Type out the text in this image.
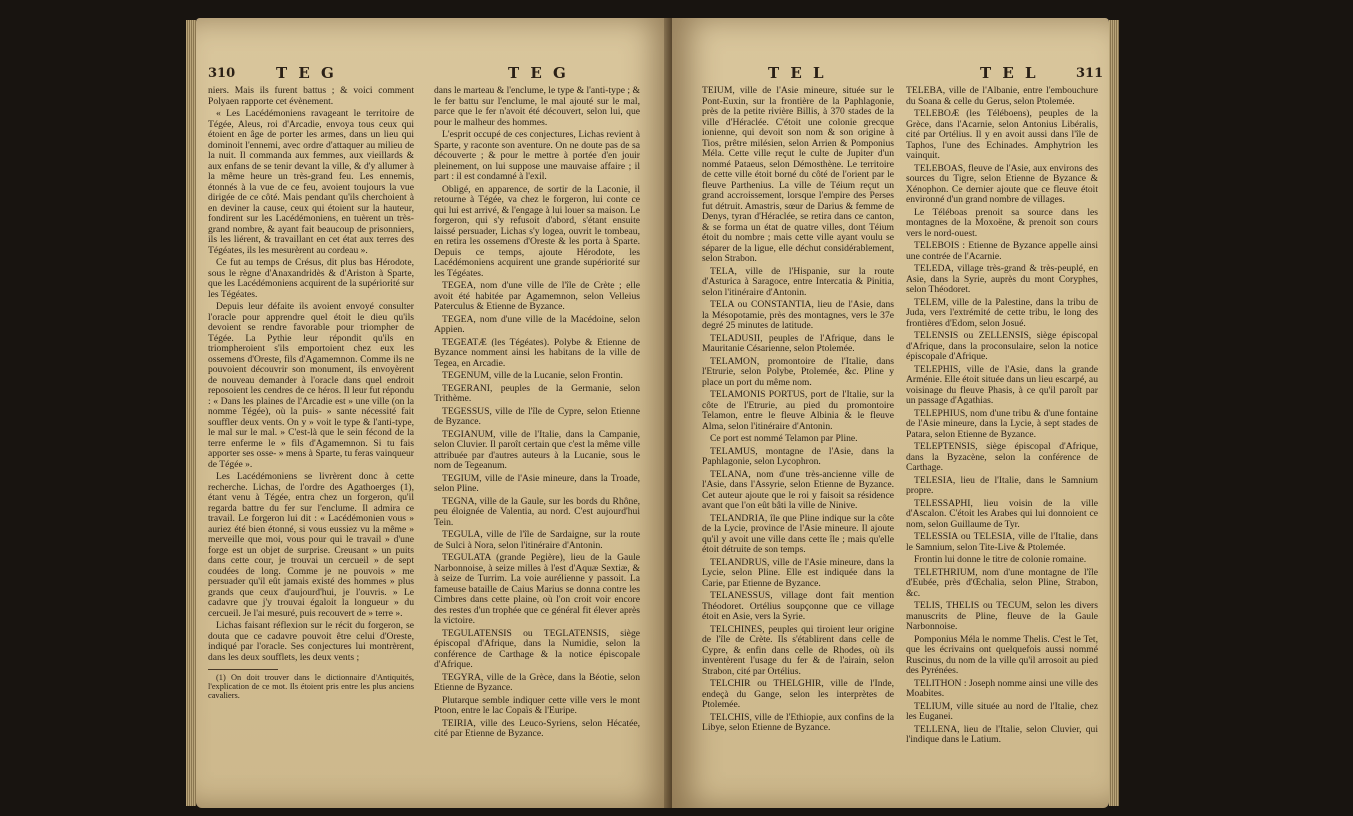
310	T E G	T E G

niers. Mais ils furent battus ; & voici comment Polyaen rapporte cet évènement.

« Les Lacédémoniens ravageant le territoire de Tégée, Aleus, roi d'Arcadie, envoya tous ceux qui étoient en âge de porter les armes, dans un lieu qui dominoit l'ennemi, avec ordre d'attaquer au milieu de la nuit. Il commanda aux femmes, aux vieillards & aux enfans de se tenir devant la ville, & d'y allumer à la même heure un très-grand feu. Les ennemis, étonnés à la vue de ce feu, avoient toujours la vue dirigée de ce côté. Mais pendant qu'ils cherchoient à en deviner la cause, ceux qui étoient sur la hauteur, fondirent sur les Lacédémoniens, en tuèrent un très-grand nombre, & ayant fait beaucoup de prisonniers, ils les liérent, & travaillant en cet état aux terres des Tégéates, ils les mesurèrent au cordeau ».

Ce fut au temps de Crésus, dit plus bas Hérodote, sous le règne d'Anaxandridès & d'Ariston à Sparte, que les Lacédémoniens acquirent de la supériorité sur les Tégéates.

Depuis leur défaite ils avoient envoyé consulter l'oracle pour apprendre quel étoit le dieu qu'ils devoient se rendre favorable pour triompher de Tégée. La Pythie leur répondit qu'ils en triompheroient s'ils emportoient chez eux les ossemens d'Oreste, fils d'Agamemnon. Comme ils ne pouvoient découvrir son monument, ils envoyèrent de nouveau demander à l'oracle dans quel endroit reposoient les cendres de ce héros. Il leur fut répondu : « Dans les plaines de l'Arcadie est » une ville (on la nomme Tégée), où la puis- » sante nécessité fait souffler deux vents. On y » voit le type & l'anti-type, le mal sur le mal. » C'est-là que le sein fécond de la terre enferme le » fils d'Agamemnon. Si tu fais apporter ses osse- » mens à Sparte, tu feras vainqueur de Tégée ».

Les Lacédémoniens se livrèrent donc à cette recherche. Lichas, de l'ordre des Agathoerges (1), étant venu à Tégée, entra chez un forgeron, qu'il regarda battre du fer sur l'enclume. Il admira ce travail. Le forgeron lui dit : « Lacédémonien vous » auriez été bien étonné, si vous eussiez vu la même » merveille que moi, vous pour qui le travail » d'une forge est un objet de surprise. Creusant » un puits dans cette cour, je trouvai un cercueil » de sept coudées de long. Comme je ne pouvois » me persuader qu'il eût jamais existé des hommes » plus grands que ceux d'aujourd'hui, je l'ouvris. » Le cadavre que j'y trouvai égaloit la longueur » du cercueil. Je l'ai mesuré, puis recouvert de » terre ».

Lichas faisant réflexion sur le récit du forgeron, se douta que ce cadavre pouvoit être celui d'Oreste, indiqué par l'oracle. Ses conjectures lui montrèrent, dans les deux soufflets, les deux vents ;

(1) On doit trouver dans le dictionnaire d'Antiquités, l'explication de ce mot. Ils étoient pris entre les plus anciens cavaliers.

dans le marteau & l'enclume, le type & l'anti-type ; & le fer battu sur l'enclume, le mal ajouté sur le mal, parce que le fer n'avoit été découvert, selon lui, que pour le malheur des hommes.

L'esprit occupé de ces conjectures, Lichas revient à Sparte, y raconte son aventure. On ne doute pas de sa découverte ; & pour le mettre à portée d'en jouir pleinement, on lui suppose une mauvaise affaire ; il part : il est condamné à l'exil.

Obligé, en apparence, de sortir de la Laconie, il retourne à Tégée, va chez le forgeron, lui conte ce qui lui est arrivé, & l'engage à lui louer sa maison. Le forgeron, qui s'y refusoit d'abord, s'étant ensuite laissé persuader, Lichas s'y logea, ouvrit le tombeau, en retira les ossemens d'Oreste & les porta à Sparte. Depuis ce temps, ajoute Hérodote, les Lacédémoniens acquirent une grande supériorité sur les Tégéates.

TEGEA, nom d'une ville de l'île de Crète ; elle avoit été habitée par Agamemnon, selon Velleius Paterculus & Etienne de Byzance.

TEGEA, nom d'une ville de la Macédoine, selon Appien.

TEGEATÆ (les Tégéates). Polybe & Etienne de Byzance nomment ainsi les habitans de la ville de Tegea, en Arcadie.

TEGENUM, ville de la Lucanie, selon Frontin.

TEGERANI, peuples de la Germanie, selon Trithème.

TEGESSUS, ville de l'île de Cypre, selon Etienne de Byzance.

TEGIANUM, ville de l'Italie, dans la Campanie, selon Cluvier. Il paroît certain que c'est la même ville attribuée par d'autres auteurs à la Lucanie, sous le nom de Tegeanum.

TEGIUM, ville de l'Asie mineure, dans la Troade, selon Pline.

TEGNA, ville de la Gaule, sur les bords du Rhône, peu éloignée de Valentia, au nord. C'est aujourd'hui Tein.

TEGULA, ville de l'île de Sardaigne, sur la route de Sulci à Nora, selon l'itinéraire d'Antonin.

TEGULATA (grande Pegière), lieu de la Gaule Narbonnoise, à seize milles à l'est d'Aquæ Sextiæ, & à seize de Turrim. La voie aurélienne y passoit. La fameuse bataille de Caius Marius se donna contre les Cimbres dans cette plaine, où l'on croit voir encore des restes d'un trophée que ce général fit élever après la victoire.

TEGULATENSIS ou TEGLATENSIS, siège épiscopal d'Afrique, dans la Numidie, selon la conférence de Carthage & la notice épiscopale d'Afrique.

TEGYRA, ville de la Grèce, dans la Béotie, selon Etienne de Byzance.

Plutarque semble indiquer cette ville vers le mont Ptoon, entre le lac Copaïs & l'Euripe.

TEIRIA, ville des Leuco-Syriens, selon Hécatée, cité par Etienne de Byzance.

T E L	T E L	311

TEIUM, ville de l'Asie mineure, située sur le Pont-Euxin, sur la frontière de la Paphlagonie, près de la petite rivière Billis, à 370 stades de la ville d'Héraclée. C'étoit une colonie grecque ionienne, qui devoit son nom & son origine à Tios, prêtre milésien, selon Arrien & Pomponius Méla. Cette ville reçut le culte de Jupiter d'un nommé Pataeus, selon Démosthène. Le territoire de cette ville étoit borné du côté de l'orient par le fleuve Parthenius. La ville de Téium reçut un grand accroissement, lorsque l'empire des Perses fut détruit. Amastris, sœur de Darius & femme de Denys, tyran d'Héraclée, se retira dans ce canton, & se forma un état de quatre villes, dont Téium étoit du nombre ; mais cette ville ayant voulu se séparer de la ligue, elle déchut considérablement, selon Strabon.

TELA, ville de l'Hispanie, sur la route d'Asturica à Saragoce, entre Intercatia & Pinitia, selon l'itinéraire d'Antonin.

TELA ou CONSTANTIA, lieu de l'Asie, dans la Mésopotamie, près des montagnes, vers le 37e degré 25 minutes de latitude.

TELADUSII, peuples de l'Afrique, dans le Mauritanie Césarienne, selon Ptolemée.

TELAMON, promontoire de l'Italie, dans l'Etrurie, selon Polybe, Ptolemée, &c. Pline y place un port du même nom.

TELAMONIS PORTUS, port de l'Italie, sur la côte de l'Etrurie, au pied du promontoire Telamon, entre le fleuve Albinia & le fleuve Alma, selon l'itinéraire d'Antonin.

Ce port est nommé Telamon par Pline.

TELAMUS, montagne de l'Asie, dans la Paphlagonie, selon Lycophron.

TELANA, nom d'une très-ancienne ville de l'Asie, dans l'Assyrie, selon Etienne de Byzance. Cet auteur ajoute que le roi y faisoit sa résidence avant que l'on eût bâti la ville de Ninive.

TELANDRIA, île que Pline indique sur la côte de la Lycie, province de l'Asie mineure. Il ajoute qu'il y avoit une ville dans cette île ; mais qu'elle étoit détruite de son temps.

TELANDRUS, ville de l'Asie mineure, dans la Lycie, selon Pline. Elle est indiquée dans la Carie, par Etienne de Byzance.

TELANESSUS, village dont fait mention Théodoret. Ortélius soupçonne que ce village étoit en Asie, vers la Syrie.

TELCHINES, peuples qui tiroient leur origine de l'île de Crète. Ils s'établirent dans celle de Cypre, & enfin dans celle de Rhodes, où ils inventèrent l'usage du fer & de l'airain, selon Strabon, cité par Ortélius.

TELCHIR ou THELGHIR, ville de l'Inde, endeçà du Gange, selon les interprètes de Ptolemée.

TELCHIS, ville de l'Ethiopie, aux confins de la Libye, selon Etienne de Byzance.

TELEBA, ville de l'Albanie, entre l'embouchure du Soana & celle du Gerus, selon Ptolemée.

TELEBOÆ (les Téléboens), peuples de la Grèce, dans l'Acarnie, selon Antonius Libéralis, cité par Ortélius. Il y en avoit aussi dans l'île de Taphos, l'une des Echinades. Amphytrion les vainquit.

TELEBOAS, fleuve de l'Asie, aux environs des sources du Tigre, selon Etienne de Byzance & Xénophon. Ce dernier ajoute que ce fleuve étoit environné d'un grand nombre de villages.

Le Téléboas prenoit sa source dans les montagnes de la Moxoëne, & prenoit son cours vers le nord-ouest.

TELEBOIS : Etienne de Byzance appelle ainsi une contrée de l'Acarnie.

TELEDA, village très-grand & très-peuplé, en Asie, dans la Syrie, auprès du mont Coryphes, selon Théodoret.

TELEM, ville de la Palestine, dans la tribu de Juda, vers l'extrémité de cette tribu, le long des frontières d'Edom, selon Josué.

TELENSIS ou ZELLENSIS, siège épiscopal d'Afrique, dans la proconsulaire, selon la notice épiscopale d'Afrique.

TELEPHIS, ville de l'Asie, dans la grande Arménie. Elle étoit située dans un lieu escarpé, au voisinage du fleuve Phasis, à ce qu'il paroît par un passage d'Agathias.

TELEPHIUS, nom d'une tribu & d'une fontaine de l'Asie mineure, dans la Lycie, à sept stades de Patara, selon Etienne de Byzance.

TELEPTENSIS, siège épiscopal d'Afrique, dans la Byzacène, selon la conférence de Carthage.

TELESIA, lieu de l'Italie, dans le Samnium propre.

TELESSAPHI, lieu voisin de la ville d'Ascalon. C'étoit les Arabes qui lui donnoient ce nom, selon Guillaume de Tyr.

TELESSIA ou TELESIA, ville de l'Italie, dans le Samnium, selon Tite-Live & Ptolemée.

Frontin lui donne le titre de colonie romaine.

TELETHRIUM, nom d'une montagne de l'île d'Eubée, près d'Œchalia, selon Pline, Strabon, &c.

TELIS, THELIS ou TECUM, selon les divers manuscrits de Pline, fleuve de la Gaule Narbonnoise.

Pomponius Méla le nomme Thelis. C'est le Tet, que les écrivains ont quelquefois aussi nommé Ruscinus, du nom de la ville qu'il arrosoit au pied des Pyrénées.

TELITHON : Joseph nomme ainsi une ville des Moabites.

TELIUM, ville située au nord de l'Italie, chez les Euganei.

TELLENA, lieu de l'Italie, selon Cluvier, qui l'indique dans le Latium.
